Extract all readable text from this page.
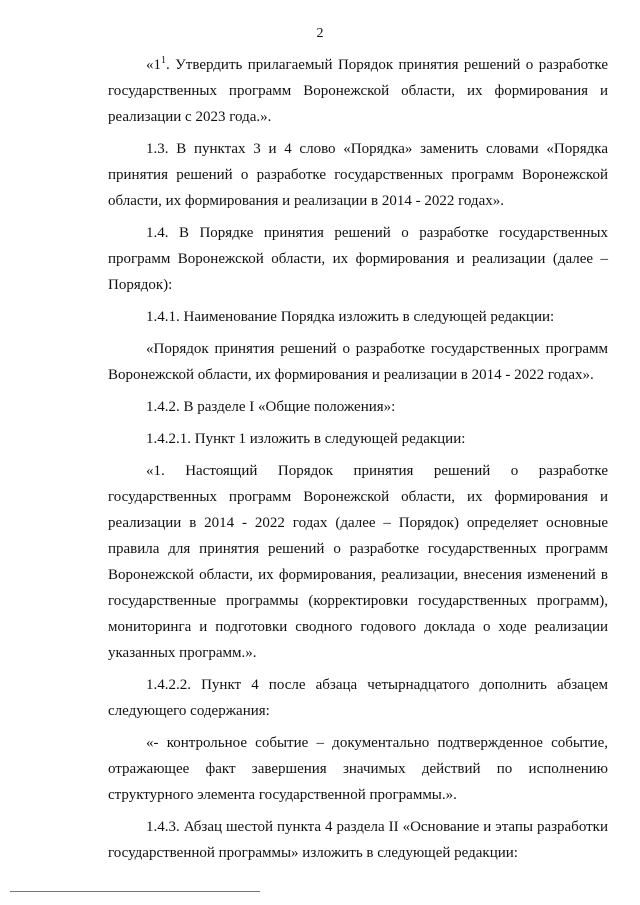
2

«$1^1$. Утвердить прилагаемый Порядок принятия решений о разработке государственных программ Воронежской области, их формирования и реализации с 2023 года.».

1.3. В пунктах 3 и 4 слово «Порядка» заменить словами «Порядка принятия решений о разработке государственных программ Воронежской области, их формирования и реализации в 2014 - 2022 годах».

1.4. В Порядке принятия решений о разработке государственных программ Воронежской области, их формирования и реализации (далее – Порядок):

1.4.1. Наименование Порядка изложить в следующей редакции:

«Порядок принятия решений о разработке государственных программ Воронежской области, их формирования и реализации в 2014 - 2022 годах».

1.4.2. В разделе I «Общие положения»:

1.4.2.1. Пункт 1 изложить в следующей редакции:

«1. Настоящий Порядок принятия решений о разработке государственных программ Воронежской области, их формирования и реализации в 2014 - 2022 годах (далее – Порядок) определяет основные правила для принятия решений о разработке государственных программ Воронежской области, их формирования, реализации, внесения изменений в государственные программы (корректировки государственных программ), мониторинга и подготовки сводного годового доклада о ходе реализации указанных программ.».

1.4.2.2. Пункт 4 после абзаца четырнадцатого дополнить абзацем следующего содержания:

«- контрольное событие – документально подтвержденное событие, отражающее факт завершения значимых действий по исполнению структурного элемента государственной программы.».

1.4.3. Абзац шестой пункта 4 раздела II «Основание и этапы разработки государственной программы» изложить в следующей редакции:
